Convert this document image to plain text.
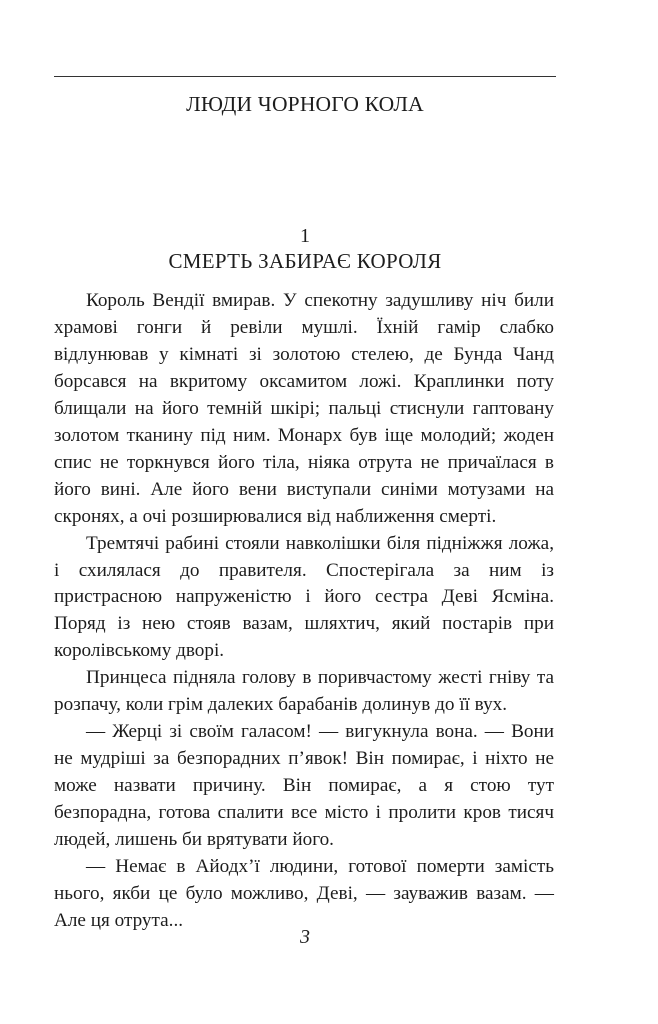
ЛЮДИ ЧОРНОГО КОЛА
1
СМЕРТЬ ЗАБИРАЄ КОРОЛЯ

Король Вендії вмирав. У спекотну задушливу ніч били храмові гонги й ревіли мушлі. Їхній гамір слабко відлунював у кімнаті зі золотою стелею, де Бунда Чанд борсався на вкритому оксамитом ложі. Краплинки поту блищали на його темній шкірі; пальці стиснули гаптовану золотом тканину під ним. Монарх був іще молодий; жоден спис не торкнувся його тіла, ніяка отрута не причаїлася в його вині. Але його вени виступали синіми мотузами на скронях, а очі розширювалися від наближення смерті.

Тремтячі рабині стояли навколішки біля підніжжя ложа, і схилялася до правителя. Спостерігала за ним із пристрасною напруженістю і його сестра Деві Ясміна. Поряд із нею стояв вазам, шляхтич, який постарів при королівському дворі.

Принцеса підняла голову в поривчастому жесті гніву та розпачу, коли грім далеких барабанів долинув до її вух.

— Жерці зі своїм галасом! — вигукнула вона. — Вони не мудріші за безпорадних п’явок! Він помирає, і ніхто не може назвати причину. Він помирає, а я стою тут безпорадна, готова спалити все місто і пролити кров тисяч людей, лишень би врятувати його.

— Немає в Айодх’ї людини, готової померти замість нього, якби це було можливо, Деві, — зауважив вазам. — Але ця отрута...

3
